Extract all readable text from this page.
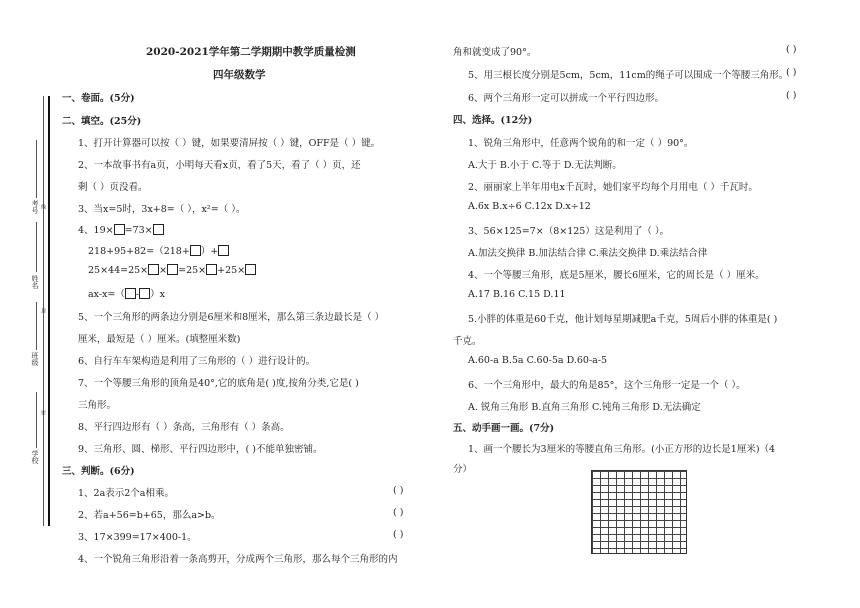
考号 线
姓名
封
班级
密
学校
2020-2021学年第二学期期中教学质量检测
四年级数学
一、卷面。(5分)
二、填空。(25分)
1、打开计算器可以按（ ）键，如果要清屏按（ ）键，OFF是（ ）键。
2、一本故事书有a页，小明每天看x页，看了5天，看了（ ）页，还
剩（ ）页没看。
3、当x=5时，3x+8=（ ），x²=（ ）。
4、19× =73×
218+95+82=（218+ ）+
25×44=25× × =25× +25×
ax-x=（ - ）x
5、一个三角形的两条边分别是6厘米和8厘米，那么第三条边最长是（ ）
厘米，最短是（ ）厘米。(填整厘米数)
6、自行车车架构造是利用了三角形的（ ）进行设计的。
7、一个等腰三角形的顶角是40°,它的底角是( )度,按角分类,它是( )
三角形。
8、平行四边形有（ ）条高，三角形有（ ）条高。
9、三角形、圆、梯形、平行四边形中，( )不能单独密铺。
三、判断。(6分)
1、2a表示2个a相乘。	( )
2、若a+56=b+65，那么a>b。	( )
3、17×399=17×400-1。	( )
4、一个锐角三角形沿着一条高剪开，分成两个三角形，那么每个三角形的内
角和就变成了90°。	( )
5、用三根长度分别是5cm，5cm，11cm的绳子可以围成一个等腰三角形。
( )
6、两个三角形一定可以拼成一个平行四边形。	( )
四、选择。(12分)
1、锐角三角形中，任意两个锐角的和一定（ ）90°。
A.大于 B.小于 C.等于 D.无法判断。
2、丽丽家上半年用电x千瓦时，她们家平均每个月用电（ ）千瓦时。
A.6x B.x÷6 C.12x D.x÷12
3、56×125=7×（8×125）这是利用了（ ）。
A.加法交换律 B.加法结合律 C.乘法交换律 D.乘法结合律
4、一个等腰三角形，底是5厘米，腰长6厘米，它的周长是（ ）厘米。
A.17 B.16 C.15 D.11
5.小胖的体重是60千克，他计划每星期减肥a千克，5周后小胖的体重是( )
千克。
A.60-a B.5a C.60-5a D.60-a-5
6、一个三角形中，最大的角是85°，这个三角形一定是一个（ ）。
A. 锐角三角形 B.直角三角形 C.钝角三角形 D.无法确定
五、动手画一画。(7分)
1、画一个腰长为3厘米的等腰直角三角形。(小正方形的边长是1厘米)（4
分）
